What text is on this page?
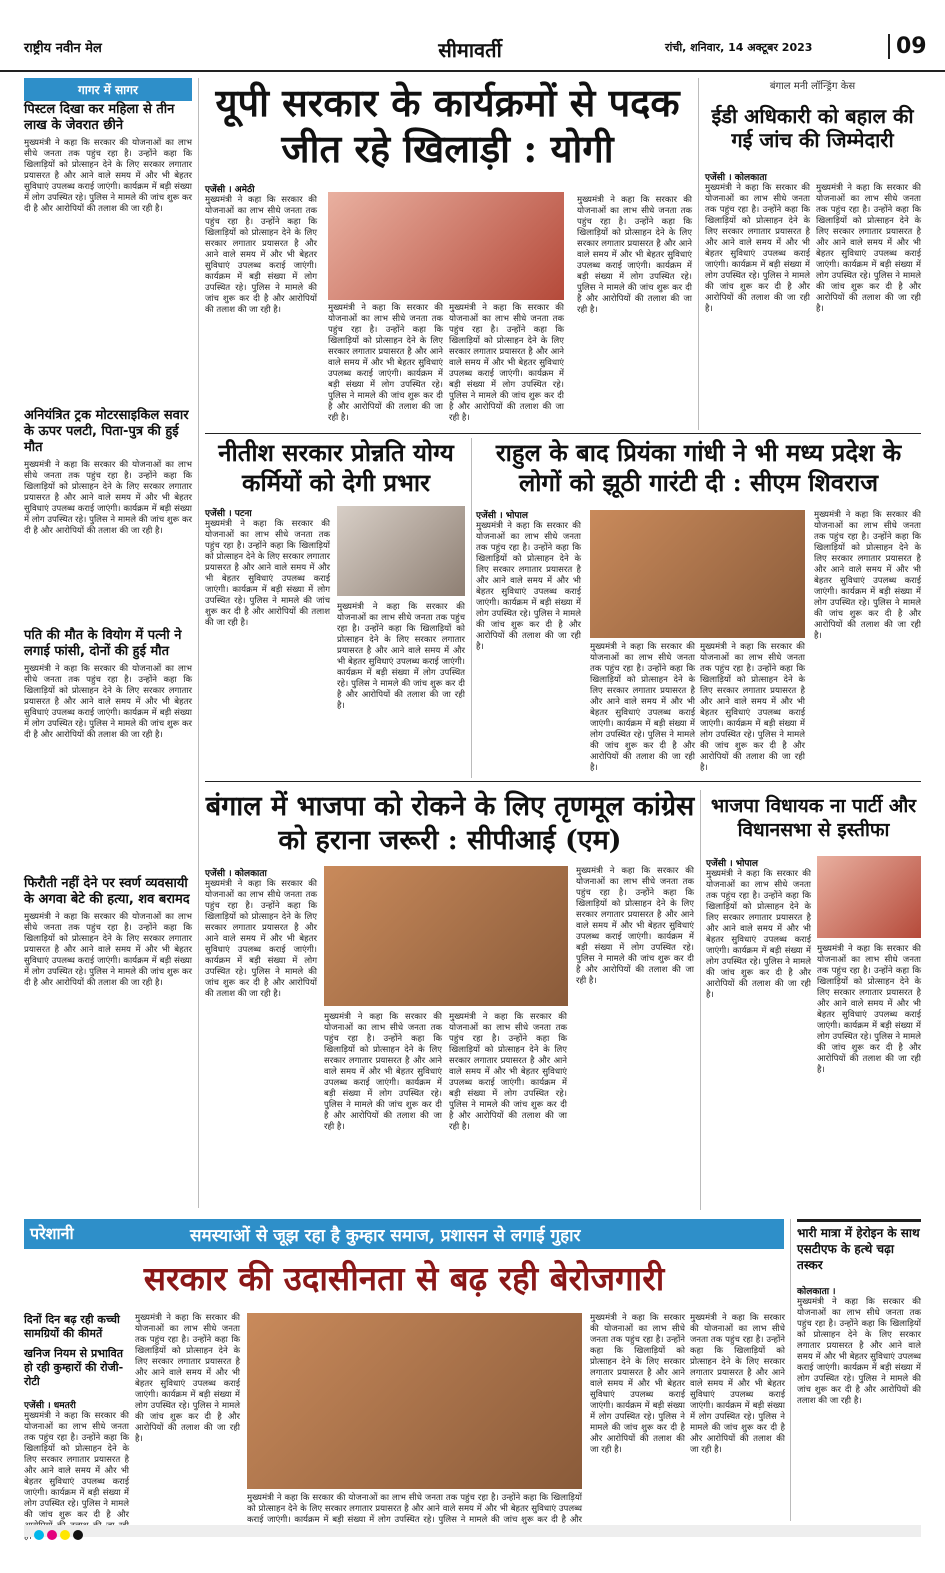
राष्ट्रीय नवीन मेल	सीमावर्ती	रांची, शनिवार, 14 अक्टूबर 2023	09
गागर में सागर
पिस्टल दिखा कर महिला से तीन लाख के जेवरात छीने
मुख्यमंत्री ने कहा कि सरकार की योजनाओं का लाभ सीधे जनता तक पहुंच रहा है। उन्होंने कहा कि खिलाड़ियों को प्रोत्साहन देने के लिए सरकार लगातार प्रयासरत है और आने वाले समय में और भी बेहतर सुविधाएं उपलब्ध कराई जाएंगी। कार्यक्रम में बड़ी संख्या में लोग उपस्थित रहे। पुलिस ने मामले की जांच शुरू कर दी है और आरोपियों की तलाश की जा रही है।
अनियंत्रित ट्रक मोटरसाइकिल सवार के ऊपर पलटी, पिता-पुत्र की हुई मौत
मुख्यमंत्री ने कहा कि सरकार की योजनाओं का लाभ सीधे जनता तक पहुंच रहा है। उन्होंने कहा कि खिलाड़ियों को प्रोत्साहन देने के लिए सरकार लगातार प्रयासरत है और आने वाले समय में और भी बेहतर सुविधाएं उपलब्ध कराई जाएंगी। कार्यक्रम में बड़ी संख्या में लोग उपस्थित रहे। पुलिस ने मामले की जांच शुरू कर दी है और आरोपियों की तलाश की जा रही है।
पति की मौत के वियोग में पत्नी ने लगाई फांसी, दोनों की हुई मौत
मुख्यमंत्री ने कहा कि सरकार की योजनाओं का लाभ सीधे जनता तक पहुंच रहा है। उन्होंने कहा कि खिलाड़ियों को प्रोत्साहन देने के लिए सरकार लगातार प्रयासरत है और आने वाले समय में और भी बेहतर सुविधाएं उपलब्ध कराई जाएंगी। कार्यक्रम में बड़ी संख्या में लोग उपस्थित रहे। पुलिस ने मामले की जांच शुरू कर दी है और आरोपियों की तलाश की जा रही है।
फिरौती नहीं देने पर स्वर्ण व्यवसायी के अगवा बेटे की हत्या, शव बरामद
मुख्यमंत्री ने कहा कि सरकार की योजनाओं का लाभ सीधे जनता तक पहुंच रहा है। उन्होंने कहा कि खिलाड़ियों को प्रोत्साहन देने के लिए सरकार लगातार प्रयासरत है और आने वाले समय में और भी बेहतर सुविधाएं उपलब्ध कराई जाएंगी। कार्यक्रम में बड़ी संख्या में लोग उपस्थित रहे। पुलिस ने मामले की जांच शुरू कर दी है और आरोपियों की तलाश की जा रही है।
यूपी सरकार के कार्यक्रमों से पदक जीत रहे खिलाड़ी : योगी
एजेंसी । अमेठी
मुख्यमंत्री ने कहा कि सरकार की योजनाओं का लाभ सीधे जनता तक पहुंच रहा है। उन्होंने कहा कि खिलाड़ियों को प्रोत्साहन देने के लिए सरकार लगातार प्रयासरत है और आने वाले समय में और भी बेहतर सुविधाएं उपलब्ध कराई जाएंगी। कार्यक्रम में बड़ी संख्या में लोग उपस्थित रहे। पुलिस ने मामले की जांच शुरू कर दी है और आरोपियों की तलाश की जा रही है।	मुख्यमंत्री ने कहा कि सरकार की योजनाओं का लाभ सीधे जनता तक पहुंच रहा है। उन्होंने कहा कि खिलाड़ियों को प्रोत्साहन देने के लिए सरकार लगातार प्रयासरत है और आने वाले समय में और भी बेहतर सुविधाएं उपलब्ध कराई जाएंगी। कार्यक्रम में बड़ी संख्या में लोग उपस्थित रहे। पुलिस ने मामले की जांच शुरू कर दी है और आरोपियों की तलाश की जा रही है।
मुख्यमंत्री ने कहा कि सरकार की योजनाओं का लाभ सीधे जनता तक पहुंच रहा है। उन्होंने कहा कि खिलाड़ियों को प्रोत्साहन देने के लिए सरकार लगातार प्रयासरत है और आने वाले समय में और भी बेहतर सुविधाएं उपलब्ध कराई जाएंगी। कार्यक्रम में बड़ी संख्या में लोग उपस्थित रहे। पुलिस ने मामले की जांच शुरू कर दी है और आरोपियों की तलाश की जा रही है।
मुख्यमंत्री ने कहा कि सरकार की योजनाओं का लाभ सीधे जनता तक पहुंच रहा है। उन्होंने कहा कि खिलाड़ियों को प्रोत्साहन देने के लिए सरकार लगातार प्रयासरत है और आने वाले समय में और भी बेहतर सुविधाएं उपलब्ध कराई जाएंगी। कार्यक्रम में बड़ी संख्या में लोग उपस्थित रहे। पुलिस ने मामले की जांच शुरू कर दी है और आरोपियों की तलाश की जा रही है।
बंगाल मनी लॉन्ड्रिंग केस
ईडी अधिकारी को बहाल की गई जांच की जिम्मेदारी
एजेंसी । कोलकाता
मुख्यमंत्री ने कहा कि सरकार की योजनाओं का लाभ सीधे जनता तक पहुंच रहा है। उन्होंने कहा कि खिलाड़ियों को प्रोत्साहन देने के लिए सरकार लगातार प्रयासरत है और आने वाले समय में और भी बेहतर सुविधाएं उपलब्ध कराई जाएंगी। कार्यक्रम में बड़ी संख्या में लोग उपस्थित रहे। पुलिस ने मामले की जांच शुरू कर दी है और आरोपियों की तलाश की जा रही है।
मुख्यमंत्री ने कहा कि सरकार की योजनाओं का लाभ सीधे जनता तक पहुंच रहा है। उन्होंने कहा कि खिलाड़ियों को प्रोत्साहन देने के लिए सरकार लगातार प्रयासरत है और आने वाले समय में और भी बेहतर सुविधाएं उपलब्ध कराई जाएंगी। कार्यक्रम में बड़ी संख्या में लोग उपस्थित रहे। पुलिस ने मामले की जांच शुरू कर दी है और आरोपियों की तलाश की जा रही है।
नीतीश सरकार प्रोन्नति योग्य कर्मियों को देगी प्रभार
एजेंसी । पटना
मुख्यमंत्री ने कहा कि सरकार की योजनाओं का लाभ सीधे जनता तक पहुंच रहा है। उन्होंने कहा कि खिलाड़ियों को प्रोत्साहन देने के लिए सरकार लगातार प्रयासरत है और आने वाले समय में और भी बेहतर सुविधाएं उपलब्ध कराई जाएंगी। कार्यक्रम में बड़ी संख्या में लोग उपस्थित रहे। पुलिस ने मामले की जांच शुरू कर दी है और आरोपियों की तलाश की जा रही है।
मुख्यमंत्री ने कहा कि सरकार की योजनाओं का लाभ सीधे जनता तक पहुंच रहा है। उन्होंने कहा कि खिलाड़ियों को प्रोत्साहन देने के लिए सरकार लगातार प्रयासरत है और आने वाले समय में और भी बेहतर सुविधाएं उपलब्ध कराई जाएंगी। कार्यक्रम में बड़ी संख्या में लोग उपस्थित रहे। पुलिस ने मामले की जांच शुरू कर दी है और आरोपियों की तलाश की जा रही है।
राहुल के बाद प्रियंका गांधी ने भी मध्य प्रदेश के लोगों को झूठी गारंटी दी : सीएम शिवराज
एजेंसी । भोपाल
मुख्यमंत्री ने कहा कि सरकार की योजनाओं का लाभ सीधे जनता तक पहुंच रहा है। उन्होंने कहा कि खिलाड़ियों को प्रोत्साहन देने के लिए सरकार लगातार प्रयासरत है और आने वाले समय में और भी बेहतर सुविधाएं उपलब्ध कराई जाएंगी। कार्यक्रम में बड़ी संख्या में लोग उपस्थित रहे। पुलिस ने मामले की जांच शुरू कर दी है और आरोपियों की तलाश की जा रही है।	मुख्यमंत्री ने कहा कि सरकार की योजनाओं का लाभ सीधे जनता तक पहुंच रहा है। उन्होंने कहा कि खिलाड़ियों को प्रोत्साहन देने के लिए सरकार लगातार प्रयासरत है और आने वाले समय में और भी बेहतर सुविधाएं उपलब्ध कराई जाएंगी। कार्यक्रम में बड़ी संख्या में लोग उपस्थित रहे। पुलिस ने मामले की जांच शुरू कर दी है और आरोपियों की तलाश की जा रही है।
मुख्यमंत्री ने कहा कि सरकार की योजनाओं का लाभ सीधे जनता तक पहुंच रहा है। उन्होंने कहा कि खिलाड़ियों को प्रोत्साहन देने के लिए सरकार लगातार प्रयासरत है और आने वाले समय में और भी बेहतर सुविधाएं उपलब्ध कराई जाएंगी। कार्यक्रम में बड़ी संख्या में लोग उपस्थित रहे। पुलिस ने मामले की जांच शुरू कर दी है और आरोपियों की तलाश की जा रही है।
मुख्यमंत्री ने कहा कि सरकार की योजनाओं का लाभ सीधे जनता तक पहुंच रहा है। उन्होंने कहा कि खिलाड़ियों को प्रोत्साहन देने के लिए सरकार लगातार प्रयासरत है और आने वाले समय में और भी बेहतर सुविधाएं उपलब्ध कराई जाएंगी। कार्यक्रम में बड़ी संख्या में लोग उपस्थित रहे। पुलिस ने मामले की जांच शुरू कर दी है और आरोपियों की तलाश की जा रही है।
बंगाल में भाजपा को रोकने के लिए तृणमूल कांग्रेस को हराना जरूरी : सीपीआई (एम)
एजेंसी । कोलकाता
मुख्यमंत्री ने कहा कि सरकार की योजनाओं का लाभ सीधे जनता तक पहुंच रहा है। उन्होंने कहा कि खिलाड़ियों को प्रोत्साहन देने के लिए सरकार लगातार प्रयासरत है और आने वाले समय में और भी बेहतर सुविधाएं उपलब्ध कराई जाएंगी। कार्यक्रम में बड़ी संख्या में लोग उपस्थित रहे। पुलिस ने मामले की जांच शुरू कर दी है और आरोपियों की तलाश की जा रही है।
मुख्यमंत्री ने कहा कि सरकार की योजनाओं का लाभ सीधे जनता तक पहुंच रहा है। उन्होंने कहा कि खिलाड़ियों को प्रोत्साहन देने के लिए सरकार लगातार प्रयासरत है और आने वाले समय में और भी बेहतर सुविधाएं उपलब्ध कराई जाएंगी। कार्यक्रम में बड़ी संख्या में लोग उपस्थित रहे। पुलिस ने मामले की जांच शुरू कर दी है और आरोपियों की तलाश की जा रही है।
मुख्यमंत्री ने कहा कि सरकार की योजनाओं का लाभ सीधे जनता तक पहुंच रहा है। उन्होंने कहा कि खिलाड़ियों को प्रोत्साहन देने के लिए सरकार लगातार प्रयासरत है और आने वाले समय में और भी बेहतर सुविधाएं उपलब्ध कराई जाएंगी। कार्यक्रम में बड़ी संख्या में लोग उपस्थित रहे। पुलिस ने मामले की जांच शुरू कर दी है और आरोपियों की तलाश की जा रही है।
मुख्यमंत्री ने कहा कि सरकार की योजनाओं का लाभ सीधे जनता तक पहुंच रहा है। उन्होंने कहा कि खिलाड़ियों को प्रोत्साहन देने के लिए सरकार लगातार प्रयासरत है और आने वाले समय में और भी बेहतर सुविधाएं उपलब्ध कराई जाएंगी। कार्यक्रम में बड़ी संख्या में लोग उपस्थित रहे। पुलिस ने मामले की जांच शुरू कर दी है और आरोपियों की तलाश की जा रही है।
भाजपा विधायक ना पार्टी और विधानसभा से इस्तीफा
एजेंसी । भोपाल
मुख्यमंत्री ने कहा कि सरकार की योजनाओं का लाभ सीधे जनता तक पहुंच रहा है। उन्होंने कहा कि खिलाड़ियों को प्रोत्साहन देने के लिए सरकार लगातार प्रयासरत है और आने वाले समय में और भी बेहतर सुविधाएं उपलब्ध कराई जाएंगी। कार्यक्रम में बड़ी संख्या में लोग उपस्थित रहे। पुलिस ने मामले की जांच शुरू कर दी है और आरोपियों की तलाश की जा रही है।
मुख्यमंत्री ने कहा कि सरकार की योजनाओं का लाभ सीधे जनता तक पहुंच रहा है। उन्होंने कहा कि खिलाड़ियों को प्रोत्साहन देने के लिए सरकार लगातार प्रयासरत है और आने वाले समय में और भी बेहतर सुविधाएं उपलब्ध कराई जाएंगी। कार्यक्रम में बड़ी संख्या में लोग उपस्थित रहे। पुलिस ने मामले की जांच शुरू कर दी है और आरोपियों की तलाश की जा रही है।
परेशानी	समस्याओं से जूझ रहा है कुम्हार समाज, प्रशासन से लगाई गुहार
सरकार की उदासीनता से बढ़ रही बेरोजगारी
दिनों दिन बढ़ रही कच्ची सामग्रियों की कीमतें
खनिज नियम से प्रभावित हो रही कुम्हारों की रोजी-रोटी
एजेंसी । धमतरी
मुख्यमंत्री ने कहा कि सरकार की योजनाओं का लाभ सीधे जनता तक पहुंच रहा है। उन्होंने कहा कि खिलाड़ियों को प्रोत्साहन देने के लिए सरकार लगातार प्रयासरत है और आने वाले समय में और भी बेहतर सुविधाएं उपलब्ध कराई जाएंगी। कार्यक्रम में बड़ी संख्या में लोग उपस्थित रहे। पुलिस ने मामले की जांच शुरू कर दी है और
मुख्यमंत्री ने कहा कि सरकार की योजनाओं का लाभ सीधे जनता तक पहुंच रहा है। उन्होंने कहा कि खिलाड़ियों को प्रोत्साहन देने के लिए सरकार लगातार प्रयासरत है और आने वाले समय में और भी बेहतर सुविधाएं उपलब्ध कराई जाएंगी। कार्यक्रम में बड़ी संख्या में लोग उपस्थित रहे। पुलिस ने मामले की जांच शुरू कर दी है और आरोपियों की तलाश की जा रही है।
मुख्यमंत्री ने कहा कि सरकार की योजनाओं का लाभ सीधे जनता तक पहुंच रहा है। उन्होंने कहा कि खिलाड़ियों को प्रोत्साहन देने के लिए सरकार लगातार प्रयासरत है और आने वाले समय में और भी बेहतर सुविधाएं उपलब्ध कराई जाएंगी। कार्यक्रम में बड़ी संख्या में लोग उपस्थित रहे। पुलिस ने मामले की जांच शुरू कर दी है और
मुख्यमंत्री ने कहा कि सरकार की योजनाओं का लाभ सीधे जनता तक पहुंच रहा है। उन्होंने कहा कि खिलाड़ियों को प्रोत्साहन देने के लिए सरकार लगातार प्रयासरत है और आने वाले समय में और भी बेहतर सुविधाएं उपलब्ध कराई जाएंगी। कार्यक्रम में बड़ी संख्या में लोग उपस्थित रहे। पुलिस ने मामले की जांच शुरू कर दी है और आरोपियों की तलाश की जा रही है।
मुख्यमंत्री ने कहा कि सरकार की योजनाओं का लाभ सीधे जनता तक पहुंच रहा है। उन्होंने कहा कि खिलाड़ियों को प्रोत्साहन देने के लिए सरकार लगातार प्रयासरत है और आने वाले समय में और भी बेहतर सुविधाएं उपलब्ध कराई जाएंगी। कार्यक्रम में बड़ी संख्या में लोग उपस्थित रहे। पुलिस ने मामले की जांच शुरू कर दी है और आरोपियों की तलाश की जा रही है।
भारी मात्रा में हेरोइन के साथ एसटीएफ के हत्थे चढ़ा तस्कर
कोलकाता ।
मुख्यमंत्री ने कहा कि सरकार की योजनाओं का लाभ सीधे जनता तक पहुंच रहा है। उन्होंने कहा कि खिलाड़ियों को प्रोत्साहन देने के लिए सरकार लगातार प्रयासरत है और आने वाले समय में और भी बेहतर सुविधाएं उपलब्ध कराई जाएंगी। कार्यक्रम में बड़ी संख्या में लोग उपस्थित रहे। पुलिस ने मामले की जांच शुरू कर दी है और आरोपियों की तलाश की जा रही है।
